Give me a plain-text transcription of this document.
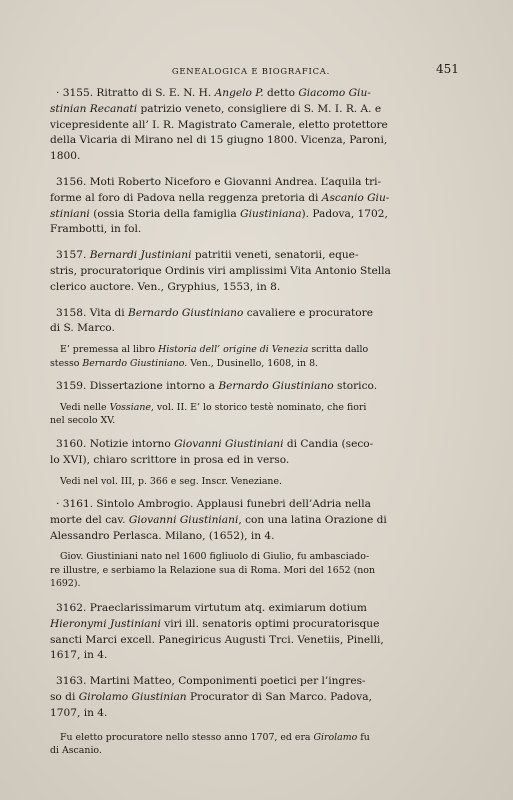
GENEALOGICA E BIOGRAFICA.	451

· 3155. Ritratto di S. E. N. H. Angelo P. detto Giacomo Giu-

stinian Recanati patrizio veneto, consigliere di S. M. I. R. A. e

vicepresidente all’ I. R. Magistrato Camerale, eletto protettore

della Vicaria di Mirano nel di 15 giugno 1800. Vicenza, Paroni,

1800.

3156. Moti Roberto Niceforo e Giovanni Andrea. L’aquila tri-

forme al foro di Padova nella reggenza pretoria di Ascanio Giu-

stiniani (ossia Storia della famiglia Giustiniana). Padova, 1702,

Frambotti, in fol.

3157. Bernardi Justiniani patritii veneti, senatorii, eque-

stris, procuratorique Ordinis viri amplissimi Vita Antonio Stella

clerico auctore. Ven., Gryphius, 1553, in 8.

3158. Vita di Bernardo Giustiniano cavaliere e procuratore

di S. Marco.

E’ premessa al libro Historia dell’ origine di Venezia scritta dallo

stesso Bernardo Giustiniano. Ven., Dusinello, 1608, in 8.

3159. Dissertazione intorno a Bernardo Giustiniano storico.

Vedi nelle Vossiane, vol. II. E’ lo storico testè nominato, che fiori

nel secolo XV.

3160. Notizie intorno Giovanni Giustiniani di Candia (seco-

lo XVI), chiaro scrittore in prosa ed in verso.

Vedi nel vol. III, p. 366 e seg. Inscr. Veneziane.

· 3161. Sintolo Ambrogio. Applausi funebri dell’Adria nella

morte del cav. Giovanni Giustiniani, con una latina Orazione di

Alessandro Perlasca. Milano, (1652), in 4.

Giov. Giustiniani nato nel 1600 figliuolo di Giulio, fu ambasciado-

re illustre, e serbiamo la Relazione sua di Roma. Mori del 1652 (non

1692).

3162. Praeclarissimarum virtutum atq. eximiarum dotium

Hieronymi Justiniani viri ill. senatoris optimi procuratorisque

sancti Marci excell. Panegiricus Augusti Trci. Venetiis, Pinelli,

1617, in 4.

3163. Martini Matteo, Componimenti poetici per l’ingres-

so di Girolamo Giustinian Procurator di San Marco. Padova,

1707, in 4.

Fu eletto procuratore nello stesso anno 1707, ed era Girolamo fu

di Ascanio.
